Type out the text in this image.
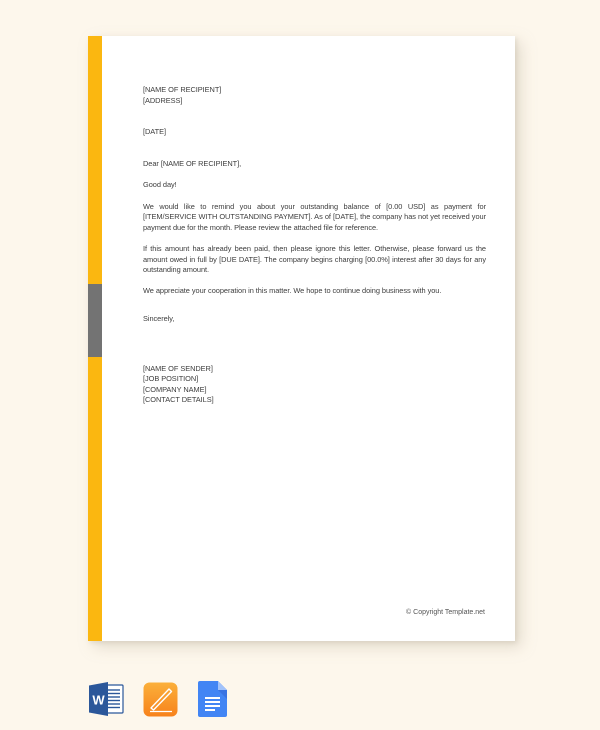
[NAME OF RECIPIENT]
[ADDRESS]
[DATE]
Dear [NAME OF RECIPIENT],
Good day!
We would like to remind you about your outstanding balance of [0.00 USD] as payment for [ITEM/SERVICE WITH OUTSTANDING PAYMENT]. As of [DATE], the company has not yet received your payment due for the month. Please review the attached file for reference.
If this amount has already been paid, then please ignore this letter. Otherwise, please forward us the amount owed in full by [DUE DATE]. The company begins charging [00.0%] interest after 30 days for any outstanding amount.
We appreciate your cooperation in this matter. We hope to continue doing business with you.
Sincerely,
[NAME OF SENDER]
[JOB POSITION]
[COMPANY NAME]
[CONTACT DETAILS]
© Copyright Template.net
W
